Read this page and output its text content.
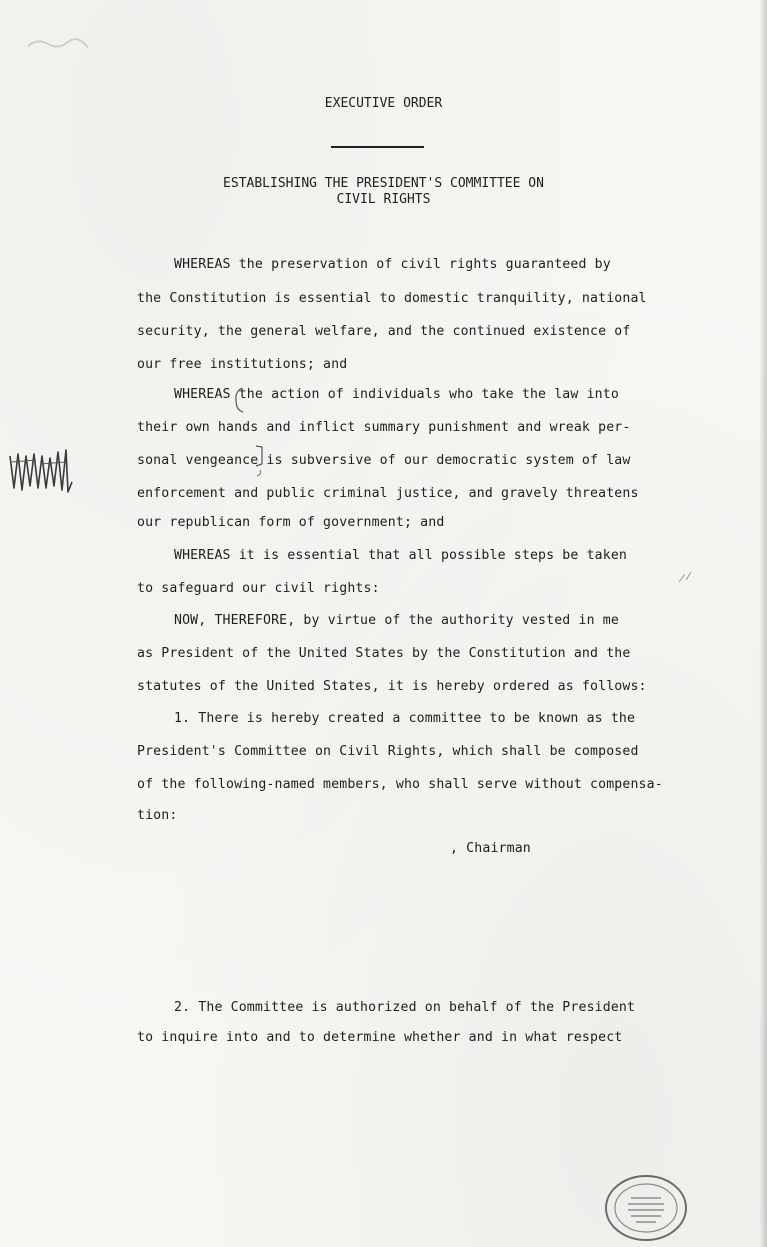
EXECUTIVE ORDER
ESTABLISHING THE PRESIDENT'S COMMITTEE ON
CIVIL RIGHTS
WHEREAS the preservation of civil rights guaranteed by
the Constitution is essential to domestic tranquility, national
security, the general welfare, and the continued existence of
our free institutions; and
WHEREAS the action of individuals who take the law into
their own hands and inflict summary punishment and wreak per-
sonal vengeance is subversive of our democratic system of law
enforcement and public criminal justice, and gravely threatens
our republican form of government; and
WHEREAS it is essential that all possible steps be taken
to safeguard our civil rights:
NOW, THEREFORE, by virtue of the authority vested in me
as President of the United States by the Constitution and the
statutes of the United States, it is hereby ordered as follows:
1. There is hereby created a committee to be known as the
President's Committee on Civil Rights, which shall be composed
of the following-named members, who shall serve without compensa-
tion:
, Chairman
2. The Committee is authorized on behalf of the President
to inquire into and to determine whether and in what respect
